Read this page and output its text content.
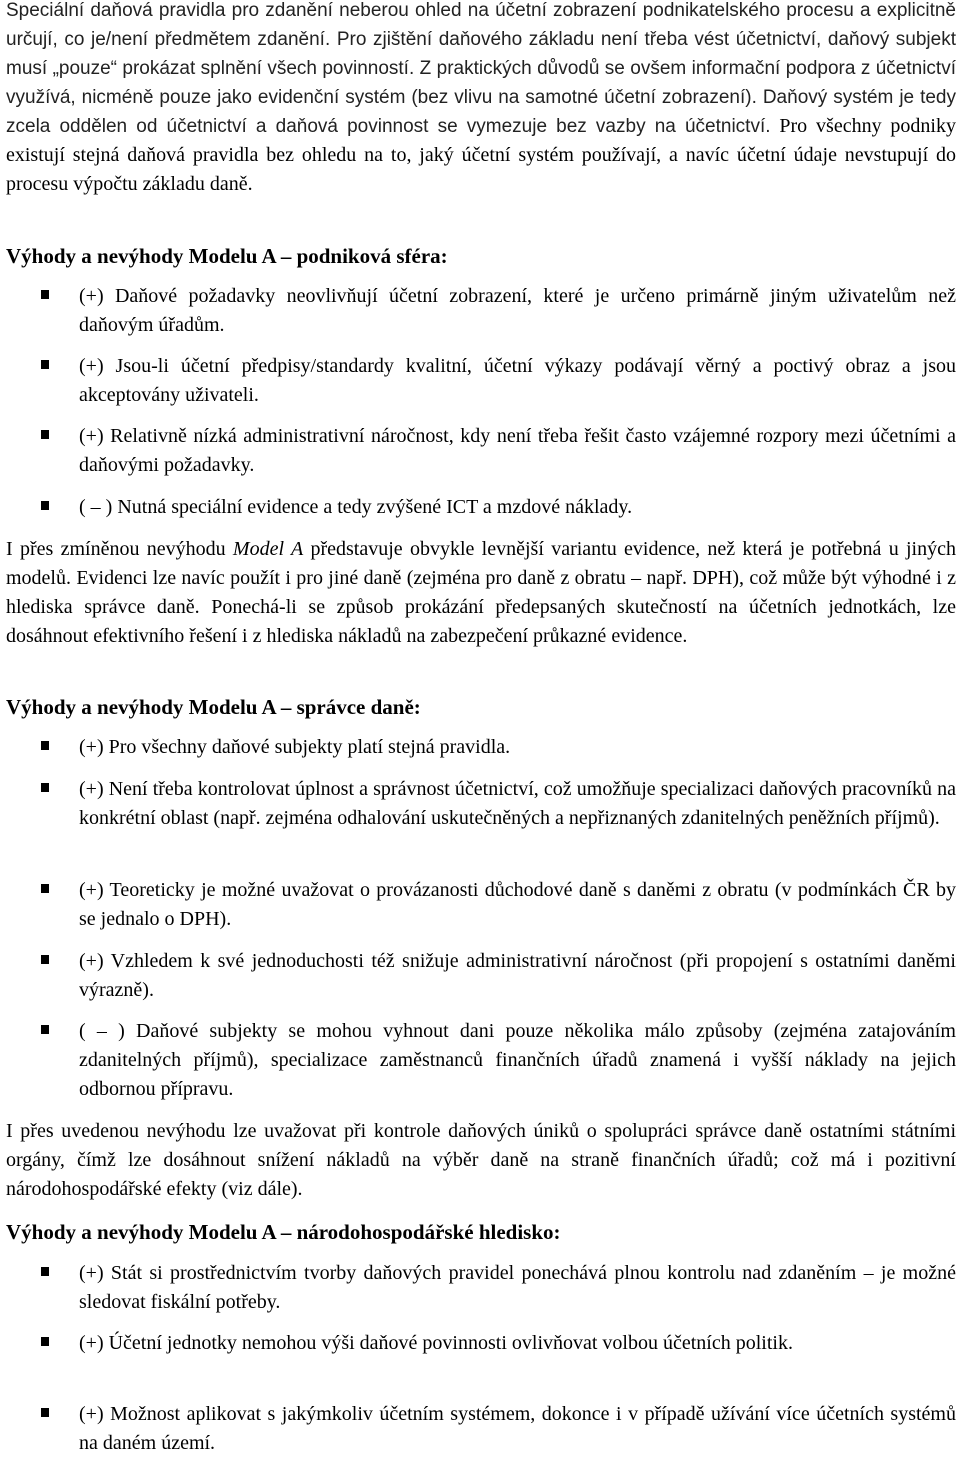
Speciální daňová pravidla pro zdanění neberou ohled na účetní zobrazení podnikatelského procesu a explicitně určují, co je/není předmětem zdanění. Pro zjištění daňového základu není třeba vést účetnictví, daňový subjekt musí „pouze“ prokázat splnění všech povinností. Z praktických důvodů se ovšem informační podpora z účetnictví využívá, nicméně pouze jako evidenční systém (bez vlivu na samotné účetní zobrazení). Daňový systém je tedy zcela oddělen od účetnictví a daňová povinnost se vymezuje bez vazby na účetnictví. Pro všechny podniky existují stejná daňová pravidla bez ohledu na to, jaký účetní systém používají, a navíc účetní údaje nevstupují do procesu výpočtu základu daně.

Výhody a nevýhody Modelu A – podniková sféra:
(+) Daňové požadavky neovlivňují účetní zobrazení, které je určeno primárně jiným uživatelům než daňovým úřadům.
(+) Jsou-li účetní předpisy/standardy kvalitní, účetní výkazy podávají věrný a poctivý obraz a jsou akceptovány uživateli.
(+) Relativně nízká administrativní náročnost, kdy není třeba řešit často vzájemné rozpory mezi účetními a daňovými požadavky.
( – ) Nutná speciální evidence a tedy zvýšené ICT a mzdové náklady.

I přes zmíněnou nevýhodu Model A představuje obvykle levnější variantu evidence, než která je potřebná u jiných modelů. Evidenci lze navíc použít i pro jiné daně (zejména pro daně z obratu – např. DPH), což může být výhodné i z hlediska správce daně. Ponechá-li se způsob prokázání předepsaných skutečností na účetních jednotkách, lze dosáhnout efektivního řešení i z hlediska nákladů na zabezpečení průkazné evidence.

Výhody a nevýhody Modelu A – správce daně:
(+) Pro všechny daňové subjekty platí stejná pravidla.
(+) Není třeba kontrolovat úplnost a správnost účetnictví, což umožňuje specializaci daňových pracovníků na konkrétní oblast (např. zejména odhalování uskutečněných a nepřiznaných zdanitelných peněžních příjmů).
(+) Teoreticky je možné uvažovat o provázanosti důchodové daně s daněmi z obratu (v podmínkách ČR by se jednalo o DPH).
(+) Vzhledem k své jednoduchosti též snižuje administrativní náročnost (při propojení s ostatními daněmi výrazně).
( – ) Daňové subjekty se mohou vyhnout dani pouze několika málo způsoby (zejména zatajováním zdanitelných příjmů), specializace zaměstnanců finančních úřadů znamená i vyšší náklady na jejich odbornou přípravu.

I přes uvedenou nevýhodu lze uvažovat při kontrole daňových úniků o spolupráci správce daně ostatními státními orgány, čímž lze dosáhnout snížení nákladů na výběr daně na straně finančních úřadů; což má i pozitivní národohospodářské efekty (viz dále).

Výhody a nevýhody Modelu A – národohospodářské hledisko:
(+) Stát si prostřednictvím tvorby daňových pravidel ponechává plnou kontrolu nad zdaněním – je možné sledovat fiskální potřeby.
(+) Účetní jednotky nemohou výši daňové povinnosti ovlivňovat volbou účetních politik.
(+) Možnost aplikovat s jakýmkoliv účetním systémem, dokonce i v případě užívání více účetních systémů na daném území.
